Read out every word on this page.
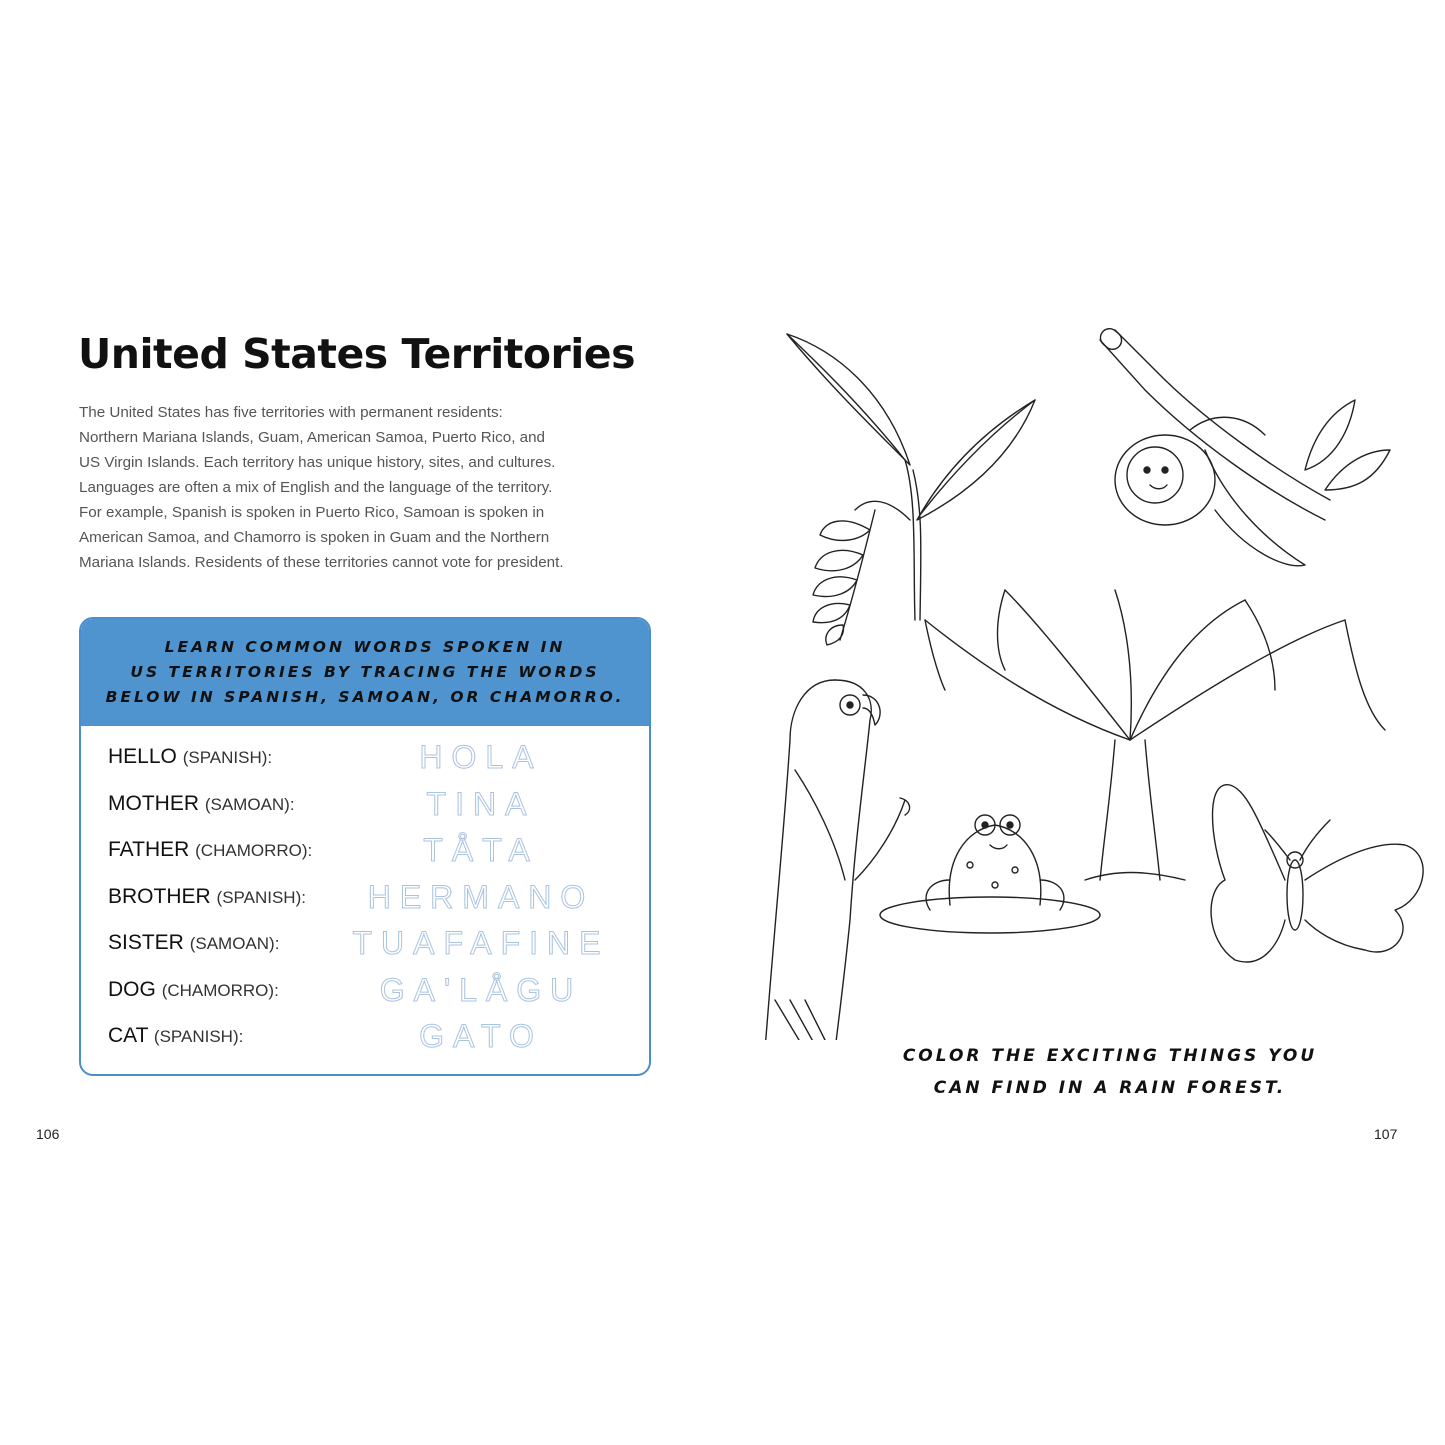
United States Territories

The United States has five territories with permanent residents:
Northern Mariana Islands, Guam, American Samoa, Puerto Rico, and
US Virgin Islands. Each territory has unique history, sites, and cultures.
Languages are often a mix of English and the language of the territory.
For example, Spanish is spoken in Puerto Rico, Samoan is spoken in
American Samoa, and Chamorro is spoken in Guam and the Northern
Mariana Islands. Residents of these territories cannot vote for president.

LEARN COMMON WORDS SPOKEN IN
US TERRITORIES BY TRACING THE WORDS
BELOW IN SPANISH, SAMOAN, OR CHAMORRO.
HELLO (SPANISH):	HOLA
MOTHER (SAMOAN):	TINA
FATHER (CHAMORRO):	TÅTA
BROTHER (SPANISH): HERMANO
SISTER (SAMOAN): TUAFAFINE
DOG (CHAMORRO):	GA'LÅGU
CAT (SPANISH):	GATO
106	107
COLOR THE EXCITING THINGS YOU
CAN FIND IN A RAIN FOREST.
